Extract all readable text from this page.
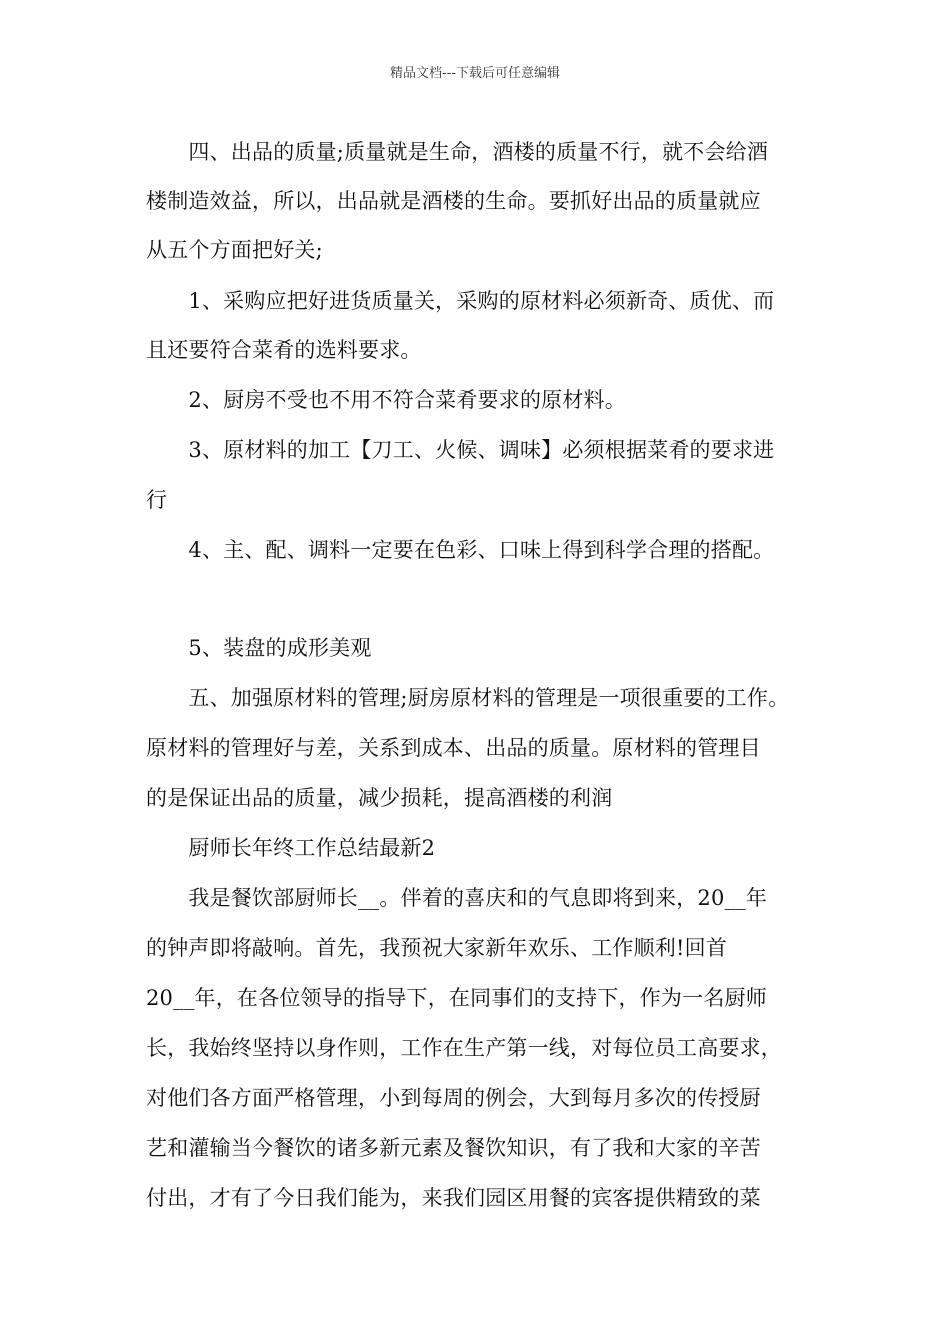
精品文档---下载后可任意编辑
　　四、出品的质量;质量就是生命，酒楼的质量不行，就不会给酒
楼制造效益，所以，出品就是酒楼的生命。要抓好出品的质量就应
从五个方面把好关;
　　1、采购应把好进货质量关，采购的原材料必须新奇、质优、而
且还要符合菜肴的选料要求。
　　2、厨房不受也不用不符合菜肴要求的原材料。
　　3、原材料的加工【刀工、火候、调味】必须根据菜肴的要求进
行
　　4、主、配、调料一定要在色彩、口味上得到科学合理的搭配。
　　5、装盘的成形美观
　　五、加强原材料的管理;厨房原材料的管理是一项很重要的工作。
原材料的管理好与差，关系到成本、出品的质量。原材料的管理目
的是保证出品的质量，减少损耗，提高酒楼的利润
　　厨师长年终工作总结最新2
　　我是餐饮部厨师长__。伴着的喜庆和的气息即将到来，20__年
的钟声即将敲响。首先，我预祝大家新年欢乐、工作顺利!回首
20__年，在各位领导的指导下，在同事们的支持下，作为一名厨师
长，我始终坚持以身作则，工作在生产第一线，对每位员工高要求，
对他们各方面严格管理，小到每周的例会，大到每月多次的传授厨
艺和灌输当今餐饮的诸多新元素及餐饮知识，有了我和大家的辛苦
付出，才有了今日我们能为，来我们园区用餐的宾客提供精致的菜
